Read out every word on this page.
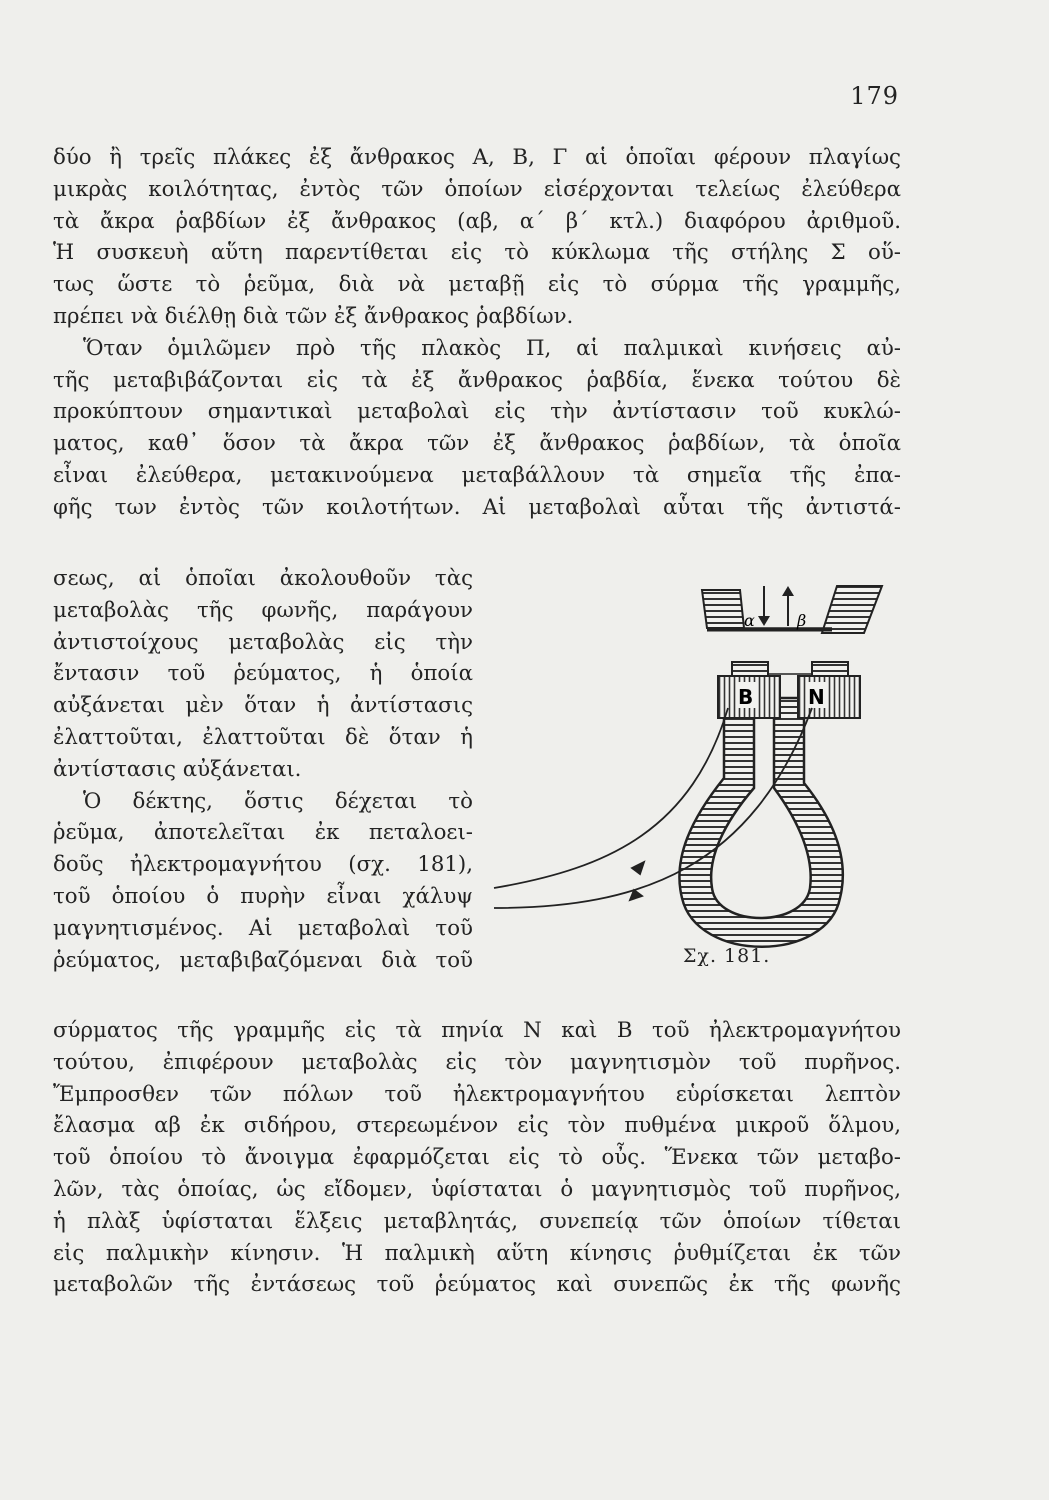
179
δύο ἢ τρεῖς πλάκες ἐξ ἄνθρακος Α, Β, Γ αἱ ὁποῖαι φέρουν πλαγίως
μικρὰς κοιλότητας, ἐντὸς τῶν ὁποίων εἰσέρχονται τελείως ἐλεύθερα
τὰ ἄκρα ῥαβδίων ἐξ ἄνθρακος (αβ, α΄ β΄ κτλ.) διαφόρου ἀριθμοῦ.
Ἡ συσκευὴ αὕτη παρεντίθεται εἰς τὸ κύκλωμα τῆς στήλης Σ οὕ-
τως ὥστε τὸ ῥεῦμα, διὰ νὰ μεταβῇ εἰς τὸ σύρμα τῆς γραμμῆς,
πρέπει νὰ διέλθῃ διὰ τῶν ἐξ ἄνθρακος ῥαβδίων.
Ὅταν ὁμιλῶμεν πρὸ τῆς πλακὸς Π, αἱ παλμικαὶ κινήσεις αὐ-
τῆς μεταβιβάζονται εἰς τὰ ἐξ ἄνθρακος ῥαβδία, ἕνεκα τούτου δὲ
προκύπτουν σημαντικαὶ μεταβολαὶ εἰς τὴν ἀντίστασιν τοῦ κυκλώ-
ματος, καθ᾽ ὅσον τὰ ἄκρα τῶν ἐξ ἄνθρακος ῥαβδίων, τὰ ὁποῖα
εἶναι ἐλεύθερα, μετακινούμενα μεταβάλλουν τὰ σημεῖα τῆς ἐπα-
φῆς των ἐντὸς τῶν κοιλοτήτων. Αἱ μεταβολαὶ αὗται τῆς ἀντιστά-
σεως, αἱ ὁποῖαι ἀκολουθοῦν τὰς
μεταβολὰς τῆς φωνῆς, παράγουν
ἀντιστοίχους μεταβολὰς εἰς τὴν
ἔντασιν τοῦ ῥεύματος, ἡ ὁποία
αὐξάνεται μὲν ὅταν ἡ ἀντίστασις
ἐλαττοῦται, ἐλαττοῦται δὲ ὅταν ἡ
ἀντίστασις αὐξάνεται.
Ὁ δέκτης, ὅστις δέχεται τὸ
ῥεῦμα, ἀποτελεῖται ἐκ πεταλοει-
δοῦς ἠλεκτρομαγνήτου (σχ. 181),
τοῦ ὁποίου ὁ πυρὴν εἶναι χάλυψ
μαγνητισμένος. Αἱ μεταβολαὶ τοῦ
ῥεύματος, μεταβιβαζόμεναι διὰ τοῦ
α	β
Β	Ν
Σχ. 181.
σύρματος τῆς γραμμῆς εἰς τὰ πηνία Ν καὶ Β τοῦ ἠλεκτρομαγνήτου
τούτου, ἐπιφέρουν μεταβολὰς εἰς τὸν μαγνητισμὸν τοῦ πυρῆνος.
Ἔμπροσθεν τῶν πόλων τοῦ ἠλεκτρομαγνήτου εὑρίσκεται λεπτὸν
ἔλασμα αβ ἐκ σιδήρου, στερεωμένον εἰς τὸν πυθμένα μικροῦ ὅλμου,
τοῦ ὁποίου τὸ ἄνοιγμα ἐφαρμόζεται εἰς τὸ οὖς. Ἕνεκα τῶν μεταβο-
λῶν, τὰς ὁποίας, ὡς εἴδομεν, ὑφίσταται ὁ μαγνητισμὸς τοῦ πυρῆνος,
ἡ πλὰξ ὑφίσταται ἕλξεις μεταβλητάς, συνεπείᾳ τῶν ὁποίων τίθεται
εἰς παλμικὴν κίνησιν. Ἡ παλμικὴ αὕτη κίνησις ῥυθμίζεται ἐκ τῶν
μεταβολῶν τῆς ἐντάσεως τοῦ ῥεύματος καὶ συνεπῶς ἐκ τῆς φωνῆς
